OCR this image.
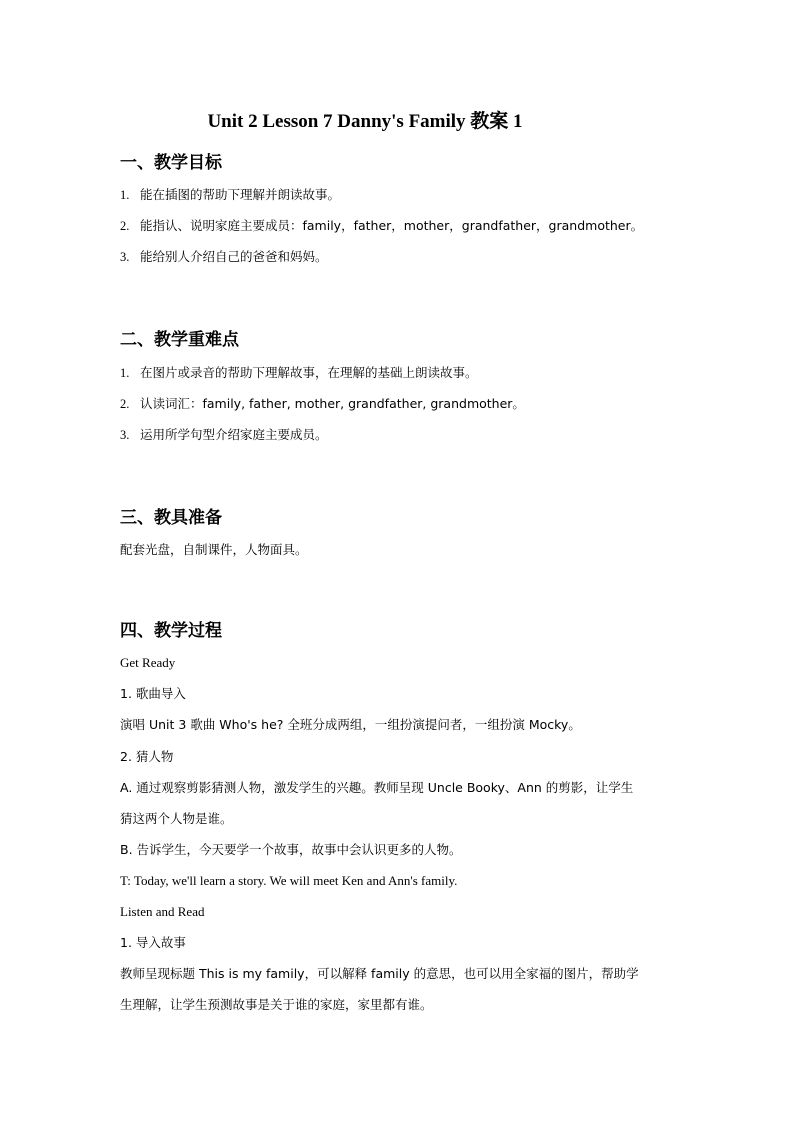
Unit 2 Lesson 7 Danny's Family 教案 1
一、教学目标
1. 能在插图的帮助下理解并朗读故事。
2. 能指认、说明家庭主要成员：family，father，mother，grandfather，grandmother。
3. 能给别人介绍自己的爸爸和妈妈。
二、教学重难点
1. 在图片或录音的帮助下理解故事，在理解的基础上朗读故事。
2. 认读词汇：family, father, mother, grandfather, grandmother。
3. 运用所学句型介绍家庭主要成员。
三、教具准备
配套光盘，自制课件，人物面具。
四、教学过程
Get Ready
1. 歌曲导入
演唱 Unit 3 歌曲 Who's he? 全班分成两组，一组扮演提问者，一组扮演 Mocky。
2. 猜人物
A. 通过观察剪影猜测人物，激发学生的兴趣。教师呈现 Uncle Booky、Ann 的剪影，让学生
猜这两个人物是谁。
B. 告诉学生，今天要学一个故事，故事中会认识更多的人物。
T: Today, we'll learn a story. We will meet Ken and Ann's family.
Listen and Read
1. 导入故事
教师呈现标题 This is my family，可以解释 family 的意思，也可以用全家福的图片，帮助学
生理解，让学生预测故事是关于谁的家庭，家里都有谁。
